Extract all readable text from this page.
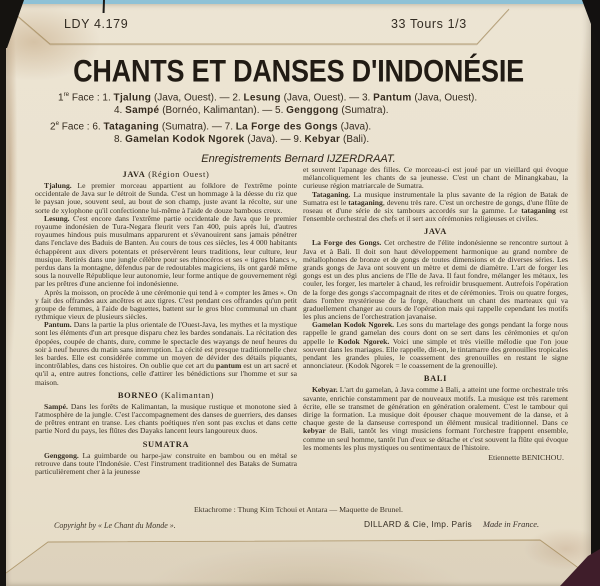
LDY 4.179	33 Tours 1/3
CHANTS ET DANSES D'INDONÉSIE
1re Face : 1. Tjalung (Java, Ouest). — 2. Lesung (Java, Ouest). — 3. Pantum (Java, Ouest).
4. Sampé (Bornéo, Kalimantan). — 5. Genggong (Sumatra).
2e Face : 6. Tataganing (Sumatra). — 7. La Forge des Gongs (Java).
8. Gamelan Kodok Ngorek (Java). — 9. Kebyar (Bali).
Enregistrements Bernard IJZERDRAAT.
JAVA (Région Ouest)

Tjalung. Le premier morceau appartient au folklore de l'extrême pointe occidentale de Java sur le détroit de Sunda. C'est un hommage à la déesse du riz que le paysan joue, souvent seul, au bout de son champ, juste avant la récolte, sur une sorte de xylophone qu'il confectionne lui-même à l'aide de douze bambous creux.

Lesung. C'est encore dans l'extrême partie occidentale de Java que le premier royaume indonésien de Tura-Negara fleurit vers l'an 400, puis après lui, d'autres royaumes hindous puis musulmans apparurent et s'évanouirent sans jamais pénétrer dans l'enclave des Baduis de Banten. Au cours de tous ces siècles, les 4 000 habitants échappèrent aux divers potentats et préservèrent leurs traditions, leur culture, leur musique. Retirés dans une jungle célèbre pour ses rhinocéros et ses « tigres blancs », perdus dans la montagne, défendus par de redoutables magiciens, ils ont gardé même sous la nouvelle République leur autonomie, leur forme antique de gouvernement régi par les prêtres d'une ancienne foi indonésienne.

Après la moisson, on procède à une cérémonie qui tend à « compter les âmes ». On y fait des offrandes aux ancêtres et aux tigres. C'est pendant ces offrandes qu'un petit groupe de femmes, à l'aide de baguettes, battent sur le gros bloc communal un chant rythmique vieux de plusieurs siècles.

Pantum. Dans la partie la plus orientale de l'Ouest-Java, les mythes et la mystique sont les éléments d'un art presque disparu chez les bardes sondanais. La récitation des épopées, coupée de chants, dure, comme le spectacle des wayangs de neuf heures du soir à neuf heures du matin sans interruption. La cécité est presque traditionnelle chez les bardes. Elle est considérée comme un moyen de dévider des détails piquants, incontrôlables, dans ces histoires. On oublie que cet art du pantum est un art sacré et qu'il a, entre autres fonctions, celle d'attirer les bénédictions sur l'homme et sur sa maison.

BORNEO (Kalimantan)

Sampé. Dans les forêts de Kalimantan, la musique rustique et monotone sied à l'atmosphère de la jungle. C'est l'accompagnement des danses de guerriers, des danses de prêtres entrant en transe. Les chants poétiques n'en sont pas exclus et dans cette partie Nord du pays, les flûtes des Dayaks lancent leurs langoureux duos.

SUMATRA

Genggong. La guimbarde ou harpe-jaw construite en bambou ou en métal se retrouve dans toute l'Indonésie. C'est l'instrument traditionnel des Bataks de Sumatra particulièrement cher à la jeunesse

et souvent l'apanage des filles. Ce morceau-ci est joué par un vieillard qui évoque mélancoliquement les chants de sa jeunesse. C'est un chant de Minangkabau, la curieuse région matriarcale de Sumatra.

Tataganing. La musique instrumentale la plus savante de la région de Batak de Sumatra est le tataganing, devenu très rare. C'est un orchestre de gongs, d'une flûte de roseau et d'une série de six tambours accordés sur la gamme. Le tataganing est l'ensemble orchestral des chefs et il sert aux cérémonies religieuses et civiles.

JAVA

La Forge des Gongs. Cet orchestre de l'élite indonésienne se rencontre surtout à Java et à Bali. Il doit son haut développement harmonique au grand nombre de métallophones de bronze et de gongs de toutes dimensions et de diverses séries. Les grands gongs de Java ont souvent un mètre et demi de diamètre. L'art de forger les gongs est un des plus anciens de l'Ile de Java. Il faut fondre, mélanger les métaux, les couler, les forger, les marteler à chaud, les refroidir brusquement. Autrefois l'opération de la forge des gongs s'accompagnait de rites et de cérémonies. Trois ou quatre forges, dans l'ombre mystérieuse de la forge, ébauchent un chant des marteaux qui va graduellement changer au cours de l'opération mais qui rappelle cependant les motifs les plus anciens de l'orchestration javanaise.

Gamelan Kodok Ngorek. Les sons du martelage des gongs pendant la forge nous rappelle le grand gamelan des cours dont on se sert dans les cérémonies et qu'on appelle le Kodok Ngorek. Voici une simple et très vieille mélodie que l'on joue souvent dans les mariages. Elle rappelle, dit-on, le tintamarre des grenouilles tropicales pendant les grandes pluies, le coassement des grenouilles en restant le signe annonciateur. (Kodok Ngorek = le coassement de la grenouille).

BALI

Kebyar. L'art du gamelan, à Java comme à Bali, a atteint une forme orchestrale très savante, enrichie constamment par de nouveaux motifs. La musique est très rarement écrite, elle se transmet de génération en génération oralement. C'est le tambour qui dirige la formation. La musique doit épouser chaque mouvement de la danse, et à chaque geste de la danseuse correspond un élément musical traditionnel. Dans ce kebyar de Bali, tantôt les vingt musiciens formant l'orchestre frappent ensemble, comme un seul homme, tantôt l'un d'eux se détache et c'est souvent la flûte qui évoque les moments les plus mystiques ou sentimentaux de l'histoire.

Etiennette BENICHOU.
Ektachrome : Thung Kim Tchoui et Antara — Maquette de Brunel.
Copyright by « Le Chant du Monde ».	DILLARD & Cie, Imp. Paris Made in France.
